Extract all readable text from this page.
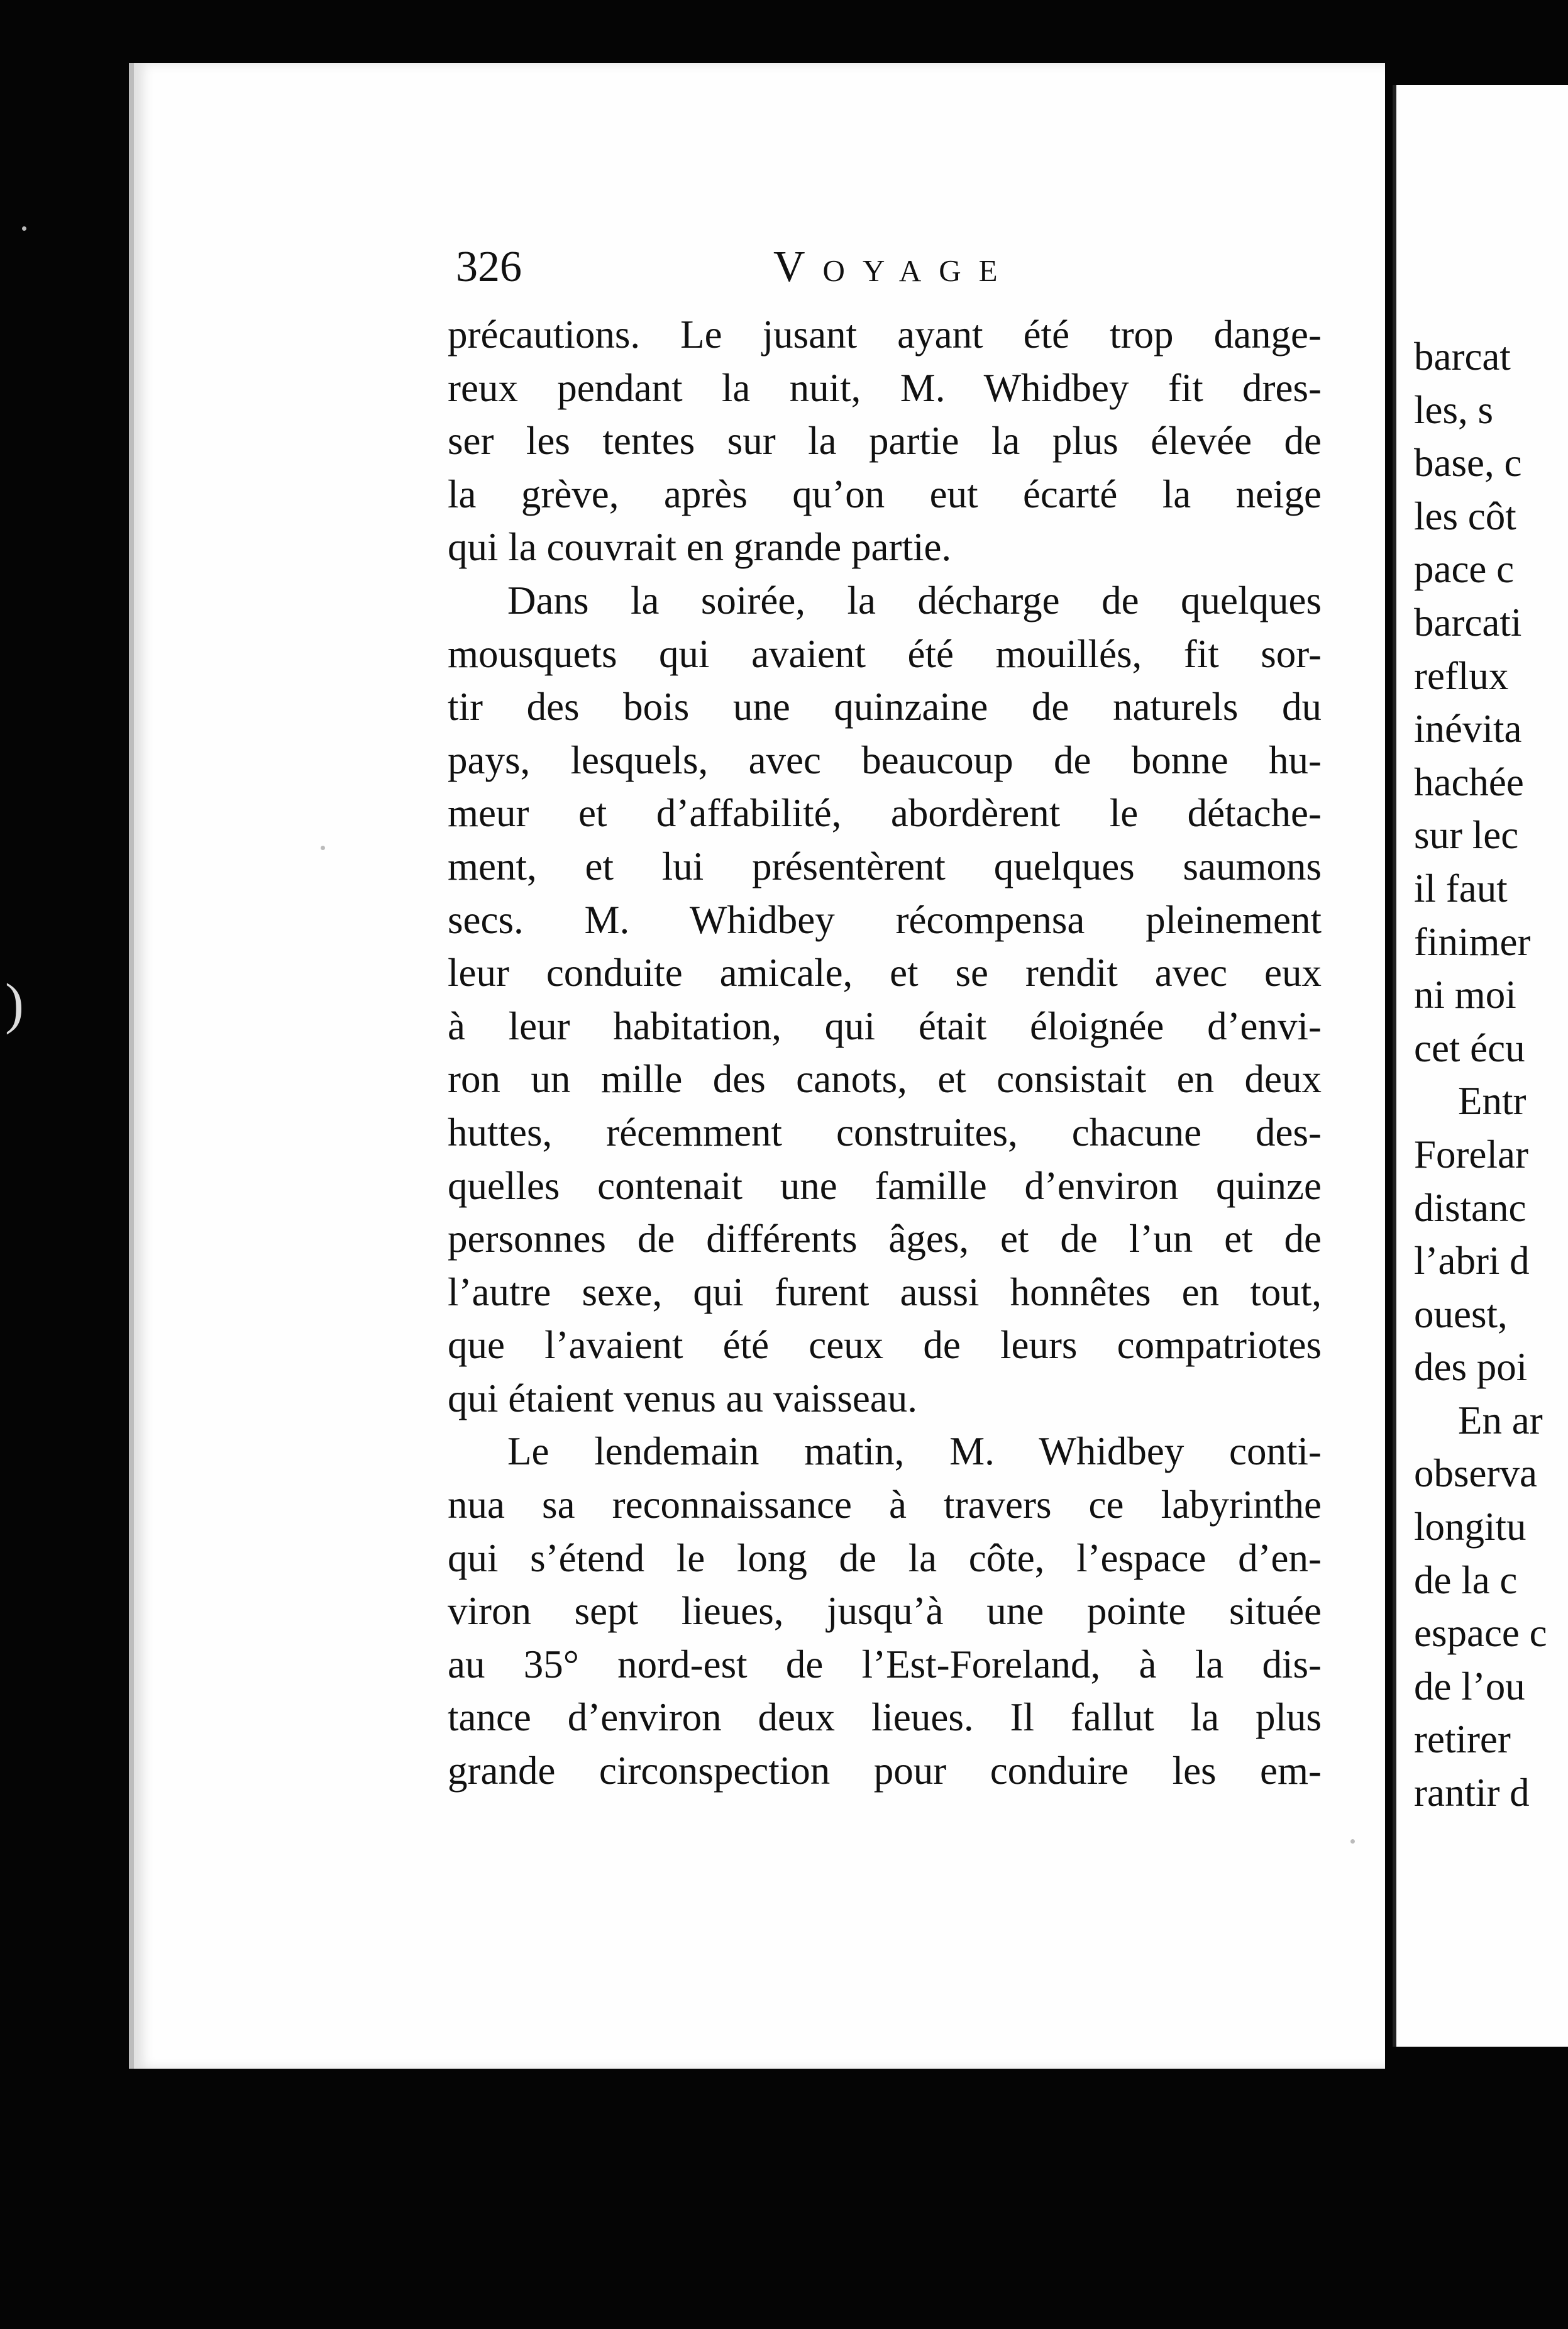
barcat
les, s
base, c
les côt
pace c
barcati
reflux
inévita
hachée
sur lec
il faut
finimer
ni moi
cet écu
Entr
Forelar
distanc
l’abri d
ouest,
des poi
En ar
observa
longitu
de la c
espace c
de l’ou
retirer
rantir d
326	Voyage
précautions. Le jusant ayant été trop dange-
reux pendant la nuit, M. Whidbey fit dres-
ser les tentes sur la partie la plus élevée de
la grève, après qu’on eut écarté la neige
qui la couvrait en grande partie.
Dans la soirée, la décharge de quelques
mousquets qui avaient été mouillés, fit sor-
tir des bois une quinzaine de naturels du
pays, lesquels, avec beaucoup de bonne hu-
meur et d’affabilité, abordèrent le détache-
ment, et lui présentèrent quelques saumons
secs. M. Whidbey récompensa pleinement
leur conduite amicale, et se rendit avec eux
à leur habitation, qui était éloignée d’envi-
ron un mille des canots, et consistait en deux
huttes, récemment construites, chacune des-
quelles contenait une famille d’environ quinze
personnes de différents âges, et de l’un et de
l’autre sexe, qui furent aussi honnêtes en tout,
que l’avaient été ceux de leurs compatriotes
qui étaient venus au vaisseau.
Le lendemain matin, M. Whidbey conti-
nua sa reconnaissance à travers ce labyrinthe
qui s’étend le long de la côte, l’espace d’en-
viron sept lieues, jusqu’à une pointe située
au 35° nord-est de l’Est-Foreland, à la dis-
tance d’environ deux lieues. Il fallut la plus
grande circonspection pour conduire les em-
)
